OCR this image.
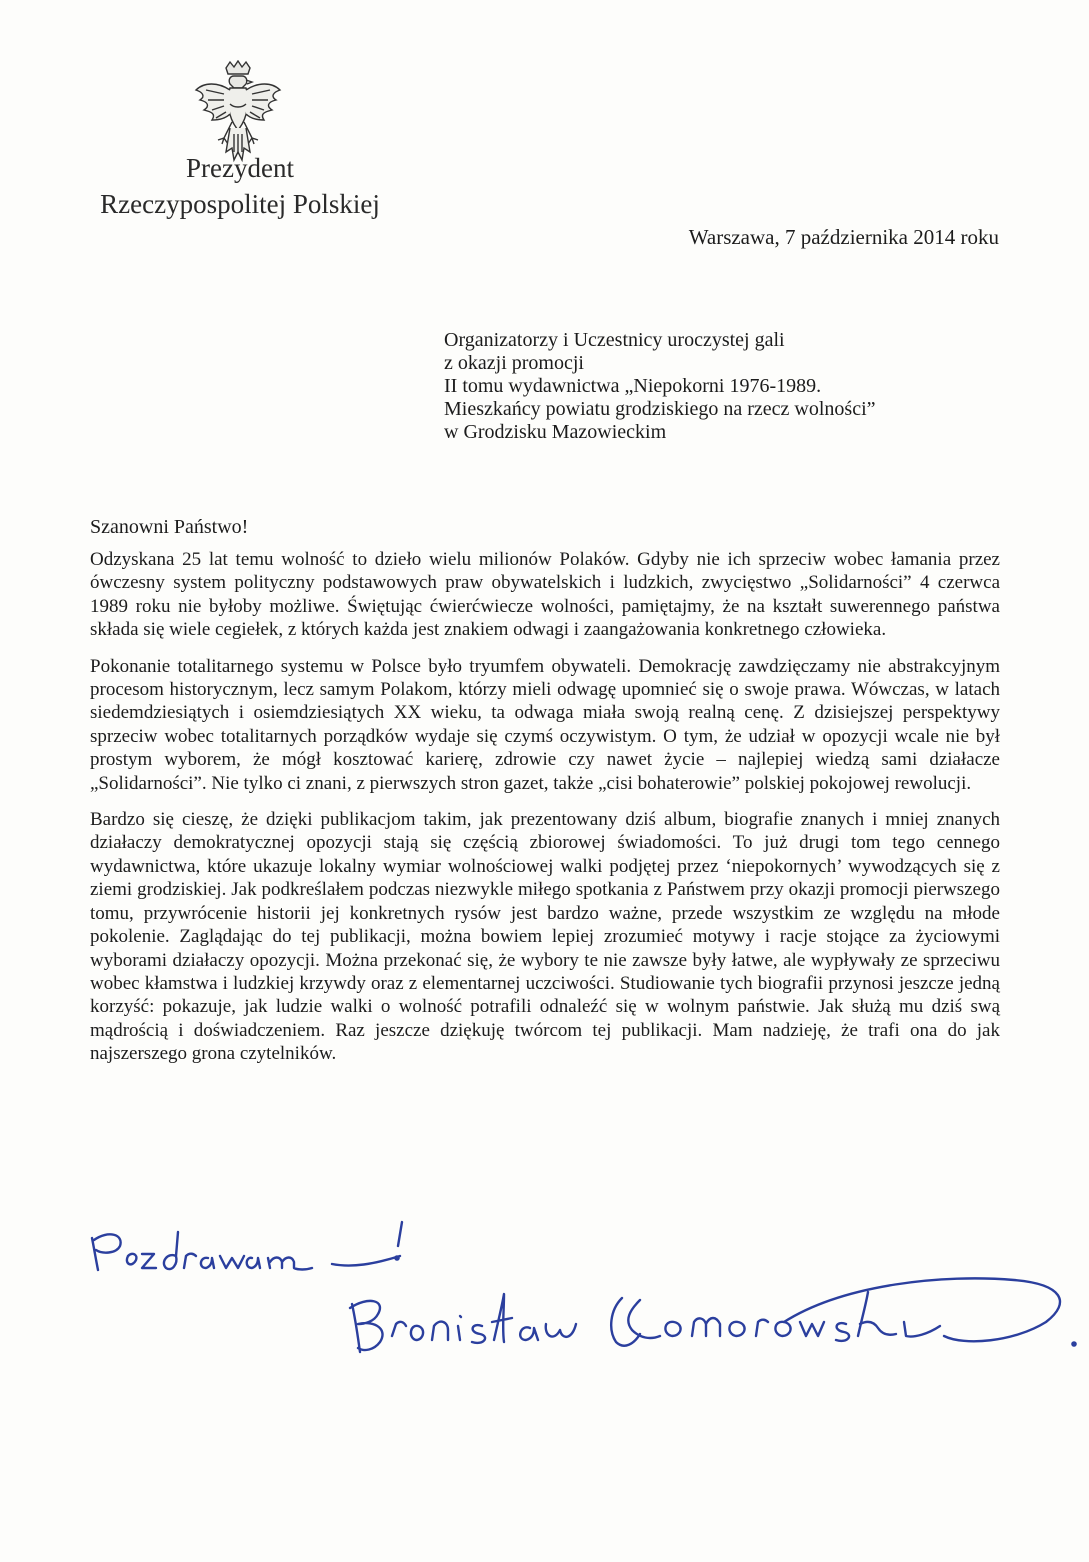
Prezydent
Rzeczypospolitej Polskiej
Warszawa, 7 października 2014 roku
Organizatorzy i Uczestnicy uroczystej gali
z okazji promocji
II tomu wydawnictwa „Niepokorni 1976-1989.
Mieszkańcy powiatu grodziskiego na rzecz wolności”
w Grodzisku Mazowieckim
Szanowni Państwo!

Odzyskana 25 lat temu wolność to dzieło wielu milionów Polaków. Gdyby nie ich sprzeciw wobec łamania przez ówczesny system polityczny podstawowych praw obywatelskich i ludzkich, zwycięstwo „Solidarności” 4 czerwca 1989 roku nie byłoby możliwe. Świętując ćwierćwiecze wolności, pamiętajmy, że na kształt suwerennego państwa składa się wiele cegiełek, z których każda jest znakiem odwagi i zaangażowania konkretnego człowieka.

Pokonanie totalitarnego systemu w Polsce było tryumfem obywateli. Demokrację zawdzięczamy nie abstrakcyjnym procesom historycznym, lecz samym Polakom, którzy mieli odwagę upomnieć się o swoje prawa. Wówczas, w latach siedemdziesiątych i osiemdziesiątych XX wieku, ta odwaga miała swoją realną cenę. Z dzisiejszej perspektywy sprzeciw wobec totalitarnych porządków wydaje się czymś oczywistym. O tym, że udział w opozycji wcale nie był prostym wyborem, że mógł kosztować karierę, zdrowie czy nawet życie – najlepiej wiedzą sami działacze „Solidarności”. Nie tylko ci znani, z pierwszych stron gazet, także „cisi bohaterowie” polskiej pokojowej rewolucji.

Bardzo się cieszę, że dzięki publikacjom takim, jak prezentowany dziś album, biografie znanych i mniej znanych działaczy demokratycznej opozycji stają się częścią zbiorowej świadomości. To już drugi tom tego cennego wydawnictwa, które ukazuje lokalny wymiar wolnościowej walki podjętej przez ‘niepokornych’ wywodzących się z ziemi grodziskiej. Jak podkreślałem podczas niezwykle miłego spotkania z Państwem przy okazji promocji pierwszego tomu, przywrócenie historii jej konkretnych rysów jest bardzo ważne, przede wszystkim ze względu na młode pokolenie. Zaglądając do tej publikacji, można bowiem lepiej zrozumieć motywy i racje stojące za życiowymi wyborami działaczy opozycji. Można przekonać się, że wybory te nie zawsze były łatwe, ale wypływały ze sprzeciwu wobec kłamstwa i ludzkiej krzywdy oraz z elementarnej uczciwości. Studiowanie tych biografii przynosi jeszcze jedną korzyść: pokazuje, jak ludzie walki o wolność potrafili odnaleźć się w wolnym państwie. Jak służą mu dziś swą mądrością i doświadczeniem. Raz jeszcze dziękuję twórcom tej publikacji. Mam nadzieję, że trafi ona do jak najszerszego grona czytelników.
